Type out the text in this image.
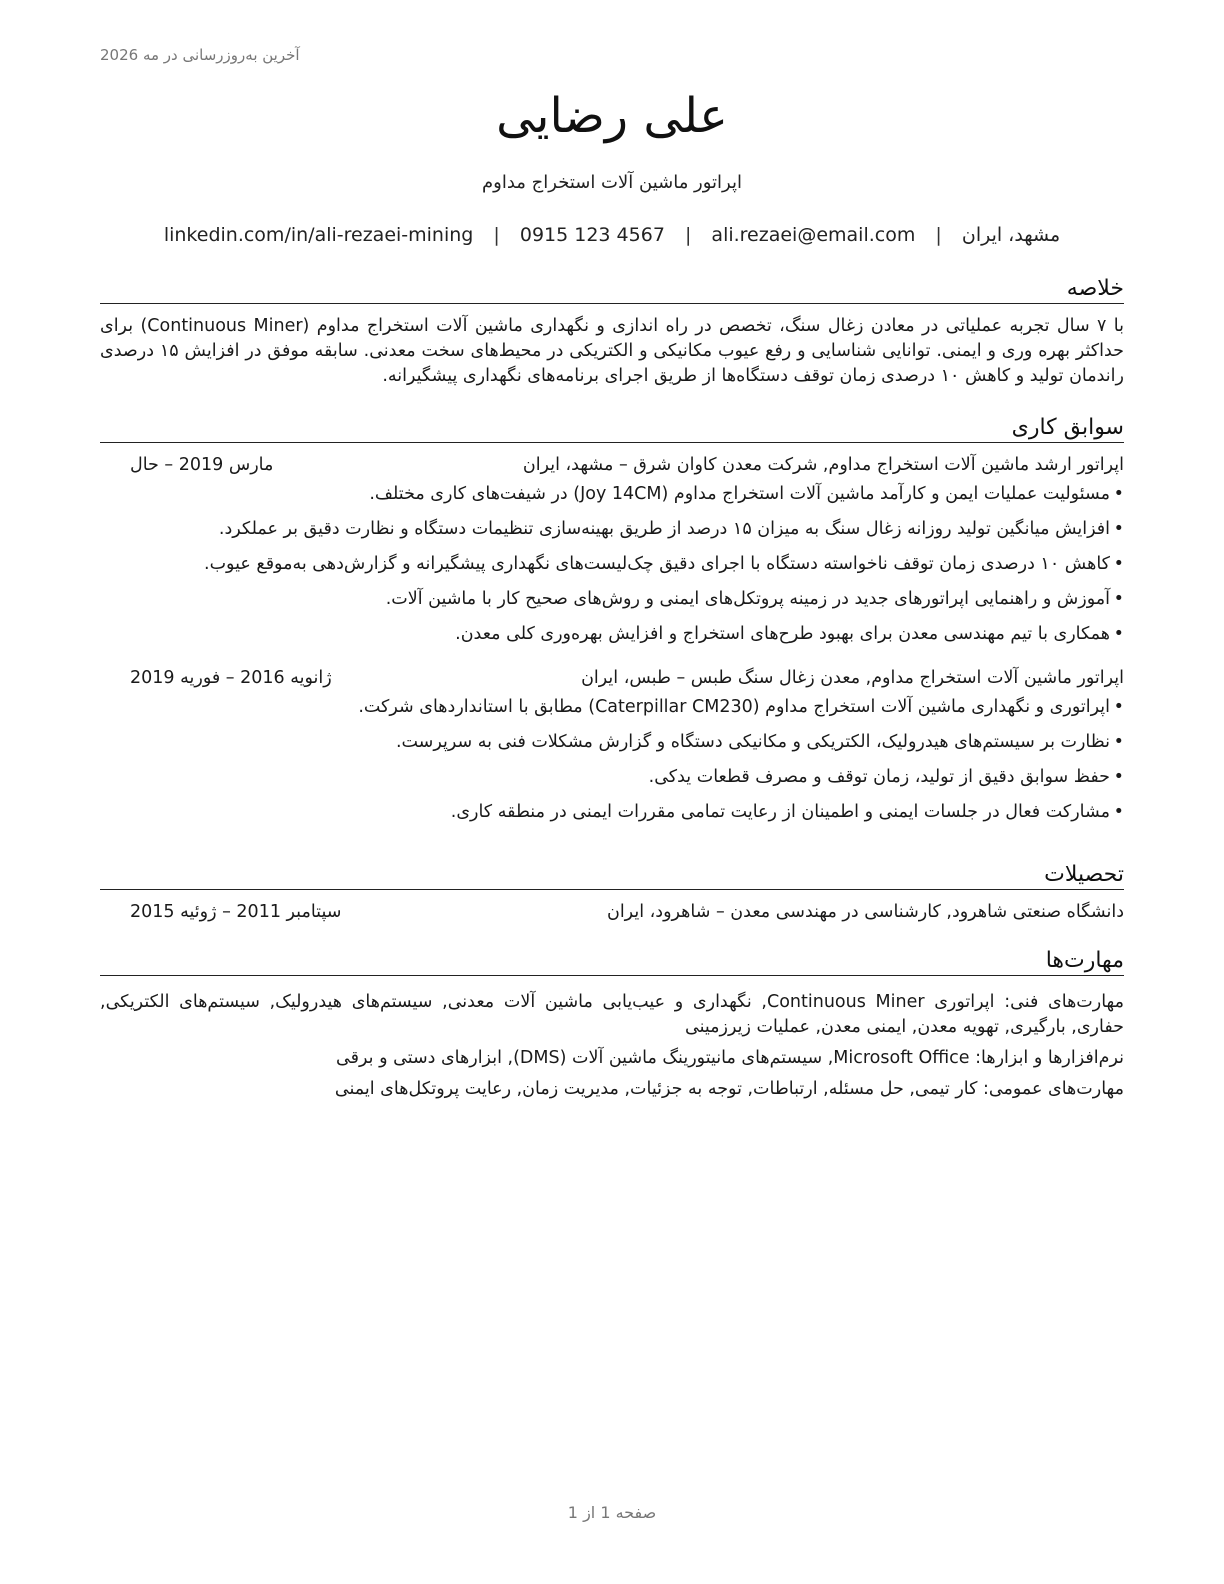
آخرین به‌روزرسانی در مه 2026
علی رضایی
اپراتور ماشین آلات استخراج مداوم
linkedin.com/in/ali-rezaei-mining | 0915 123 4567 | ali.rezaei@email.com | مشهد، ایران
خلاصه

با ۷ سال تجربه عملیاتی در معادن زغال سنگ، تخصص در راه اندازی و نگهداری ماشین آلات استخراج مداوم (Continuous Miner) برای حداکثر بهره وری و ایمنی. توانایی شناسایی و رفع عیوب مکانیکی و الکتریکی در محیط‌های سخت معدنی. سابقه موفق در افزایش ۱۵ درصدی راندمان تولید و کاهش ۱۰ درصدی زمان توقف دستگاه‌ها از طریق اجرای برنامه‌های نگهداری پیشگیرانه.

سوابق کاری
اپراتور ارشد ماشین آلات استخراج مداوم, شرکت معدن کاوان شرق – مشهد، ایران
مارس 2019 – حال
• مسئولیت عملیات ایمن و کارآمد ماشین آلات استخراج مداوم (Joy 14CM) در شیفت‌های کاری مختلف.
• افزایش میانگین تولید روزانه زغال سنگ به میزان ۱۵ درصد از طریق بهینه‌سازی تنظیمات دستگاه و نظارت دقیق بر عملکرد.
• کاهش ۱۰ درصدی زمان توقف ناخواسته دستگاه با اجرای دقیق چک‌لیست‌های نگهداری پیشگیرانه و گزارش‌دهی به‌موقع عیوب.
• آموزش و راهنمایی اپراتورهای جدید در زمینه پروتکل‌های ایمنی و روش‌های صحیح کار با ماشین آلات.
• همکاری با تیم مهندسی معدن برای بهبود طرح‌های استخراج و افزایش بهره‌وری کلی معدن.
اپراتور ماشین آلات استخراج مداوم, معدن زغال سنگ طبس – طبس، ایران
ژانویه 2016 – فوریه 2019
• اپراتوری و نگهداری ماشین آلات استخراج مداوم (Caterpillar CM230) مطابق با استانداردهای شرکت.
• نظارت بر سیستم‌های هیدرولیک، الکتریکی و مکانیکی دستگاه و گزارش مشکلات فنی به سرپرست.
• حفظ سوابق دقیق از تولید، زمان توقف و مصرف قطعات یدکی.
• مشارکت فعال در جلسات ایمنی و اطمینان از رعایت تمامی مقررات ایمنی در منطقه کاری.
تحصیلات
دانشگاه صنعتی شاهرود, کارشناسی در مهندسی معدن – شاهرود، ایران
سپتامبر 2011 – ژوئیه 2015
مهارت‌ها
مهارت‌های فنی: اپراتوری Continuous Miner, نگهداری و عیب‌یابی ماشین آلات معدنی, سیستم‌های هیدرولیک, سیستم‌های الکتریکی, حفاری, بارگیری, تهویه معدن, ایمنی معدن, عملیات زیرزمینی
نرم‌افزارها و ابزارها: Microsoft Office, سیستم‌های مانیتورینگ ماشین آلات (DMS), ابزارهای دستی و برقی
مهارت‌های عمومی: کار تیمی, حل مسئله, ارتباطات, توجه به جزئیات, مدیریت زمان, رعایت پروتکل‌های ایمنی
صفحه 1 از 1
